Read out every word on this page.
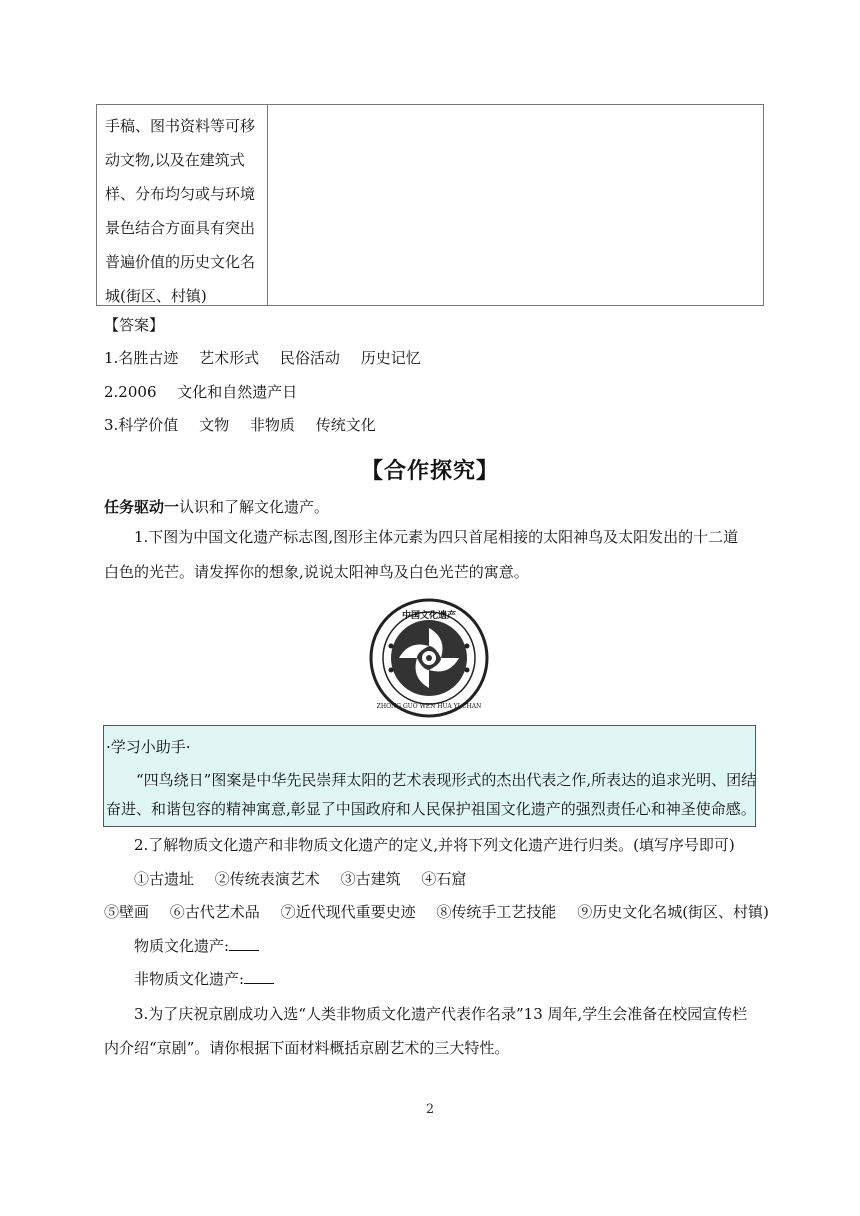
手稿、图书资料等可移
动文物,以及在建筑式
样、分布均匀或与环境
景色结合方面具有突出
普遍价值的历史文化名
城(街区、村镇)
【答案】
1.名胜古迹 艺术形式 民俗活动 历史记忆
2.2006 文化和自然遗产日
3.科学价值 文物 非物质 传统文化
【合作探究】
任务驱动一认识和了解文化遗产。
1.下图为中国文化遗产标志图,图形主体元素为四只首尾相接的太阳神鸟及太阳发出的十二道
白色的光芒。请发挥你的想象,说说太阳神鸟及白色光芒的寓意。
中国文化遗产
ZHONG GUO WEN HUA YI CHAN
·学习小助手·
“四鸟绕日”图案是中华先民崇拜太阳的艺术表现形式的杰出代表之作,所表达的追求光明、团结
奋进、和谐包容的精神寓意,彰显了中国政府和人民保护祖国文化遗产的强烈责任心和神圣使命感。
2.了解物质文化遗产和非物质文化遗产的定义,并将下列文化遗产进行归类。(填写序号即可)
①古遗址 ②传统表演艺术 ③古建筑 ④石窟
⑤壁画 ⑥古代艺术品 ⑦近代现代重要史迹 ⑧传统手工艺技能 ⑨历史文化名城(街区、村镇)
物质文化遗产:
非物质文化遗产:
3.为了庆祝京剧成功入选“人类非物质文化遗产代表作名录”13 周年,学生会准备在校园宣传栏
内介绍“京剧”。请你根据下面材料概括京剧艺术的三大特性。
2
